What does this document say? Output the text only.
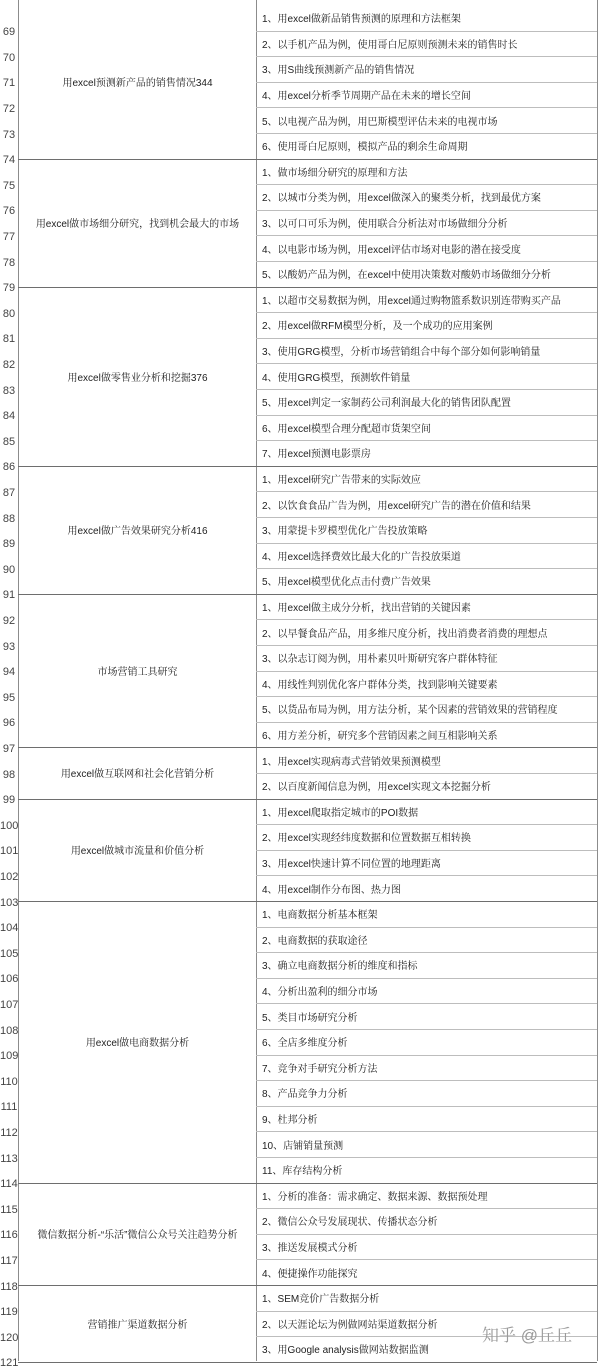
69
70
71
72
73
74
75
76
77
78
79
80
81
82
83
84
85
86
87
88
89
90
91
92
93
94
95
96
97
98
99
100
101
102
103
104
105
106
107
108
109
110
111
112
113
114
115
116
117
118
119
120
121
用excel预测新产品的销售情况344
1、用excel做新品销售预测的原理和方法框架
2、以手机产品为例，使用哥白尼原则预测未来的销售时长
3、用S曲线预测新产品的销售情况
4、用excel分析季节周期产品在未来的增长空间
5、以电视产品为例，用巴斯模型评估未来的电视市场
6、使用哥白尼原则，模拟产品的剩余生命周期
用excel做市场细分研究，找到机会最大的市场
1、做市场细分研究的原理和方法
2、以城市分类为例，用excel做深入的聚类分析，找到最优方案
3、以可口可乐为例，使用联合分析法对市场做细分分析
4、以电影市场为例，用excel评估市场对电影的潜在接受度
5、以酸奶产品为例，在excel中使用决策数对酸奶市场做细分分析
用excel做零售业分析和挖掘376
1、以超市交易数据为例，用excel通过购物篮系数识别连带购买产品
2、用excel做RFM模型分析，及一个成功的应用案例
3、使用GRG模型，分析市场营销组合中每个部分如何影响销量
4、使用GRG模型，预测软件销量
5、用excel判定一家制药公司利润最大化的销售团队配置
6、用excel模型合理分配超市货架空间
7、用excel预测电影票房
用excel做广告效果研究分析416
1、用excel研究广告带来的实际效应
2、以饮食食品广告为例，用excel研究广告的潜在价值和结果
3、用蒙提卡罗模型优化广告投放策略
4、用excel选择费效比最大化的广告投放渠道
5、用excel模型优化点击付费广告效果
市场营销工具研究
1、用excel做主成分分析，找出营销的关键因素
2、以早餐食品产品，用多维尺度分析，找出消费者消费的理想点
3、以杂志订阅为例，用朴素贝叶斯研究客户群体特征
4、用线性判别优化客户群体分类，找到影响关键要素
5、以货品布局为例，用方法分析，某个因素的营销效果的营销程度
6、用方差分析，研究多个营销因素之间互相影响关系
用excel做互联网和社会化营销分析
1、用excel实现病毒式营销效果预测模型
2、以百度新闻信息为例，用excel实现文本挖掘分析
用excel做城市流量和价值分析
1、用excel爬取指定城市的POI数据
2、用excel实现经纬度数据和位置数据互相转换
3、用excel快速计算不同位置的地理距离
4、用excel制作分布图、热力图
用excel做电商数据分析
1、电商数据分析基本框架
2、电商数据的获取途径
3、确立电商数据分析的维度和指标
4、分析出盈利的细分市场
5、类目市场研究分析
6、全店多维度分析
7、竞争对手研究分析方法
8、产品竞争力分析
9、杜邦分析
10、店铺销量预测
11、库存结构分析
微信数据分析-“乐活”微信公众号关注趋势分析
1、分析的准备：需求确定、数据来源、数据预处理
2、微信公众号发展现状、传播状态分析
3、推送发展模式分析
4、便捷操作功能探究
营销推广渠道数据分析
1、SEM竞价广告数据分析
2、以天涯论坛为例做网站渠道数据分析
3、用Google analysis做网站数据监测
知乎 @丘丘
